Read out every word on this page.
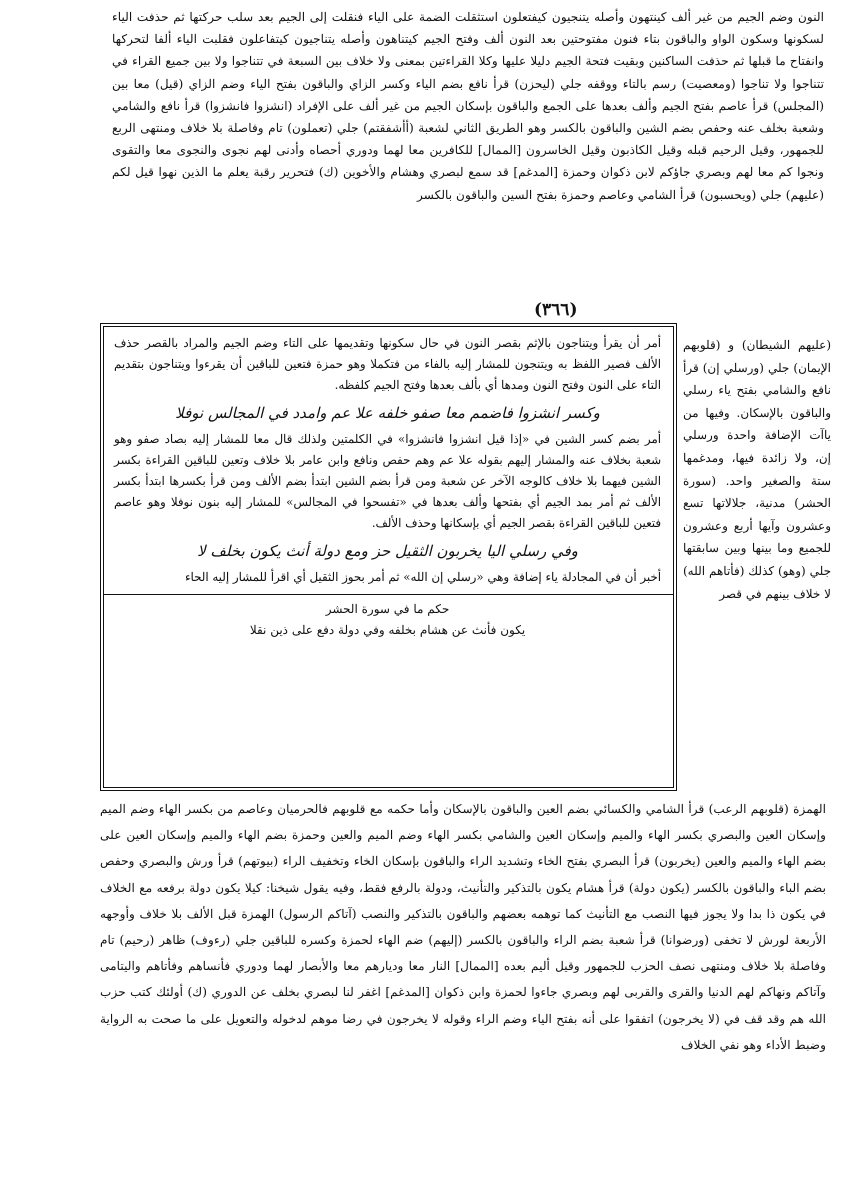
النون وضم الجيم من غير ألف كينتهون وأصله يتنجيون كيفتعلون استثقلت الضمة على الياء فنقلت إلى الجيم بعد سلب حركتها ثم حذفت الياء لسكونها وسكون الواو والباقون بتاء فنون مفتوحتين بعد النون ألف وفتح الجيم كيتناهون وأصله يتناجيون كيتفاعلون فقلبت الياء ألفا لتحركها وانفتاح ما قبلها ثم حذفت الساكنين وبقيت فتحة الجيم دليلا عليها وكلا القراءتين بمعنى ولا خلاف بين السبعة في تتناجوا ولا بين جميع القراء في تتناجوا ولا تناجوا (ومعصيت) رسم بالتاء ووقفه جلي (ليحزن) قرأ نافع بضم الياء وكسر الزاي والباقون بفتح الياء وضم الزاي (قيل) معا بين (المجلس) قرأ عاصم بفتح الجيم وألف بعدها على الجمع والباقون بإسكان الجيم من غير ألف على الإفراد (انشزوا فانشزوا) قرأ نافع والشامي وشعبة بخلف عنه وحفص بضم الشين والباقون بالكسر وهو الطريق الثاني لشعبة (أأشفقتم) جلي (تعملون) تام وفاصلة بلا خلاف ومنتهى الربع للجمهور، وقيل الرحيم قبله وقيل الكاذبون وقيل الخاسرون [الممال] للكافرين معا لهما ودوري أحصاه وأدنى لهم نجوى والنجوى معا والتقوى ونجوا كم معا لهم وبصري جاؤكم لابن ذكوان وحمزة [المدغم] قد سمع لبصري وهشام والأخوين (ك) فتحرير رقبة يعلم ما الذين نهوا قيل لكم (عليهم) جلي (ويحسبون) قرأ الشامي وعاصم وحمزة بفتح السين والباقون بالكسر

(٣٦٦)

أمر أن يقرأ ويتناجون بالإثم بقصر النون في حال سكونها وتقديمها على التاء وضم الجيم والمراد بالقصر حذف الألف فصير اللفظ به ويتنجون للمشار إليه بالفاء من فتكملا وهو حمزة فتعين للباقين أن يقرءوا ويتناجون بتقديم التاء على النون وفتح النون ومدها أي بألف بعدها وفتح الجيم كلفظه.

وكسر انشزوا فاضمم معا صفو خلفه علا عم وامدد في المجالس نوفلا

أمر بضم كسر الشين في «إذا قيل انشزوا فانشزوا» في الكلمتين ولذلك قال معا للمشار إليه بصاد صفو وهو شعبة بخلاف عنه والمشار إليهم بقوله علا عم وهم حفص ونافع وابن عامر بلا خلاف وتعين للباقين القراءة بكسر الشين فيهما بلا خلاف كالوجه الآخر عن شعبة ومن قرأ بضم الشين ابتدأ بضم الألف ومن قرأ بكسرها ابتدأ بكسر الألف ثم أمر بمد الجيم أي بفتحها وألف بعدها في «تفسحوا في المجالس» للمشار إليه بنون نوفلا وهو عاصم فتعين للباقين القراءة بقصر الجيم أي بإسكانها وحذف الألف.

وفي رسلي اليا يخربون الثقيل حز ومع دولة أنث يكون بخلف لا

أخبر أن في المجادلة ياء إضافة وهي «رسلي إن الله» ثم أمر بحوز الثقيل أي اقرأ للمشار إليه الحاء

حكم ما في سورة الحشر

يكون فأنث عن هشام بخلفه وفي دولة دفع على ذين نقلا

(عليهم الشيطان) و (قلوبهم الإيمان) جلي (ورسلي إن) قرأ نافع والشامي بفتح ياء رسلي والباقون بالإسكان. وفيها من ياآت الإضافة واحدة ورسلي إن، ولا زائدة فيها، ومدغمها ستة والصغير واحد. (سورة الحشر) مدنية، جلالاتها تسع وعشرون وآيها أربع وعشرون للجميع وما بينها وبين سابقتها جلي (وهو) كذلك (فأتاهم الله) لا خلاف بينهم في قصر

الهمزة (قلوبهم الرعب) قرأ الشامي والكسائي بضم العين والباقون بالإسكان وأما حكمه مع قلوبهم فالحرميان وعاصم من بكسر الهاء وضم الميم وإسكان العين والبصري بكسر الهاء والميم وإسكان العين والشامي بكسر الهاء وضم الميم والعين وحمزة بضم الهاء والميم وإسكان العين على بضم الهاء والميم والعين (يخربون) قرأ البصري بفتح الخاء وتشديد الراء والباقون بإسكان الخاء وتخفيف الراء (بيوتهم) قرأ ورش والبصري وحفص بضم الباء والباقون بالكسر (يكون دولة) قرأ هشام يكون بالتذكير والتأنيث، ودولة بالرفع فقط، وفيه يقول شيخنا: كيلا يكون دولة برفعه مع الخلاف في يكون ذا بدا ولا يجوز فيها النصب مع التأنيث كما توهمه بعضهم والباقون بالتذكير والنصب (آتاكم الرسول) الهمزة قبل الألف بلا خلاف وأوجهه الأربعة لورش لا تخفى (ورضوانا) قرأ شعبة بضم الراء والباقون بالكسر (إليهم) ضم الهاء لحمزة وكسره للباقين جلي (رءوف) ظاهر (رحيم) تام وفاصلة بلا خلاف ومنتهى نصف الحزب للجمهور وقيل أليم بعده [الممال] النار معا وديارهم معا والأبصار لهما ودوري فأنساهم وفأتاهم واليتامى وآتاكم ونهاكم لهم الدنيا والقرى والقربى لهم وبصري جاءوا لحمزة وابن ذكوان [المدغم] اغفر لنا لبصري بخلف عن الدوري (ك) أولئك كتب حزب الله هم وقد قف في (لا يخرجون) اتفقوا على أنه بفتح الياء وضم الراء وقوله لا يخرجون في رضا موهم لدخوله والتعويل على ما صحت به الرواية وضبط الأداء وهو نفي الخلاف
